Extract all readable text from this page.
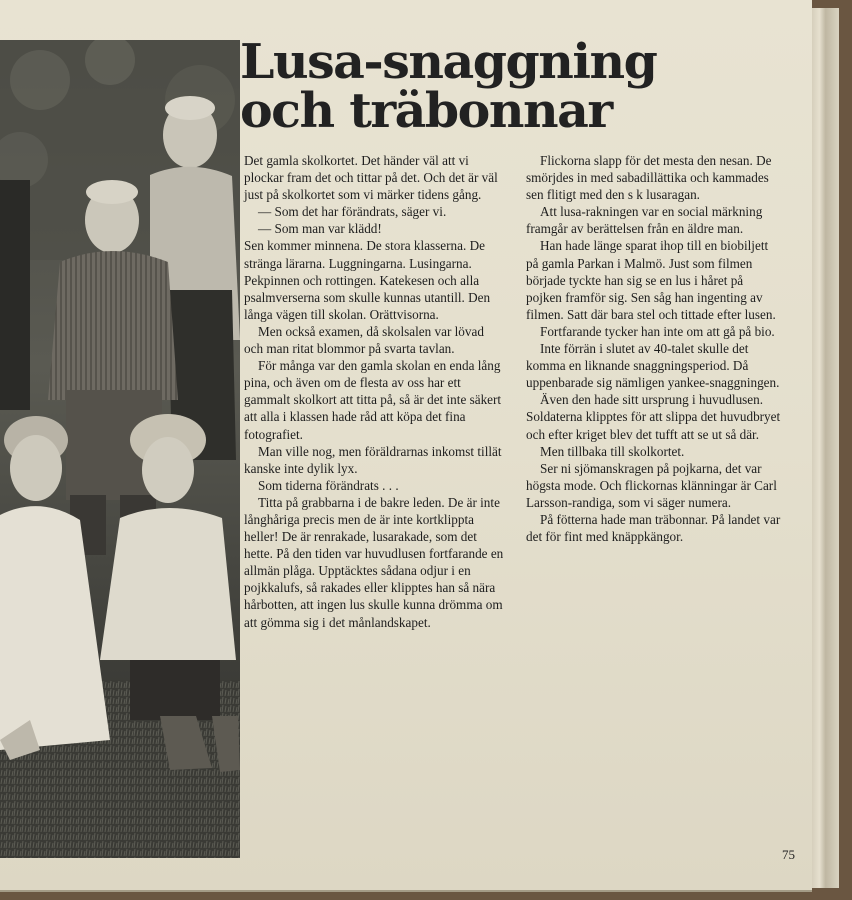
Lusa-snaggning
och träbonnar

Det gamla skolkortet. Det händer väl att vi plockar fram det och tittar på det. Och det är väl just på skolkortet som vi märker tidens gång.

— Som det har förändrats, säger vi.

— Som man var klädd!

Sen kommer minnena. De stora klasserna. De stränga lärarna. Luggningarna. Lusingarna. Pekpinnen och rottingen. Katekesen och alla psalmverserna som skulle kunnas utantill. Den långa vägen till skolan. Orättvisorna.

Men också examen, då skolsalen var lövad och man ritat blommor på svarta tavlan.

För många var den gamla skolan en enda lång pina, och även om de flesta av oss har ett gammalt skolkort att titta på, så är det inte säkert att alla i klassen hade råd att köpa det fina fotografiet.

Man ville nog, men föräldrarnas inkomst tillät kanske inte dylik lyx.

Som tiderna förändrats . . .

Titta på grabbarna i de bakre leden. De är inte långhåriga precis men de är inte kortklippta heller! De är renrakade, lusarakade, som det hette. På den tiden var huvudlusen fortfarande en allmän plåga. Upptäcktes sådana odjur i en pojkkalufs, så rakades eller klipptes han så nära hårbotten, att ingen lus skulle kunna drömma om att gömma sig i det månlandskapet.

Flickorna slapp för det mesta den nesan. De smörjdes in med sabadillättika och kammades sen flitigt med den s k lusaragan.

Att lusa-rakningen var en social märkning framgår av berättelsen från en äldre man.

Han hade länge sparat ihop till en biobiljett på gamla Parkan i Malmö. Just som filmen började tyckte han sig se en lus i håret på pojken framför sig. Sen såg han ingenting av filmen. Satt där bara stel och tittade efter lusen.

Fortfarande tycker han inte om att gå på bio.

Inte förrän i slutet av 40-talet skulle det komma en liknande snaggningsperiod. Då uppenbarade sig nämligen yankee-snaggningen.

Även den hade sitt ursprung i huvudlusen. Soldaterna klipptes för att slippa det huvudbryet och efter kriget blev det tufft att se ut så där.

Men tillbaka till skolkortet.

Ser ni sjömanskragen på pojkarna, det var högsta mode. Och flickornas klänningar är Carl Larsson-randiga, som vi säger numera.

På fötterna hade man träbonnar. På landet var det för fint med knäppkängor.

75
